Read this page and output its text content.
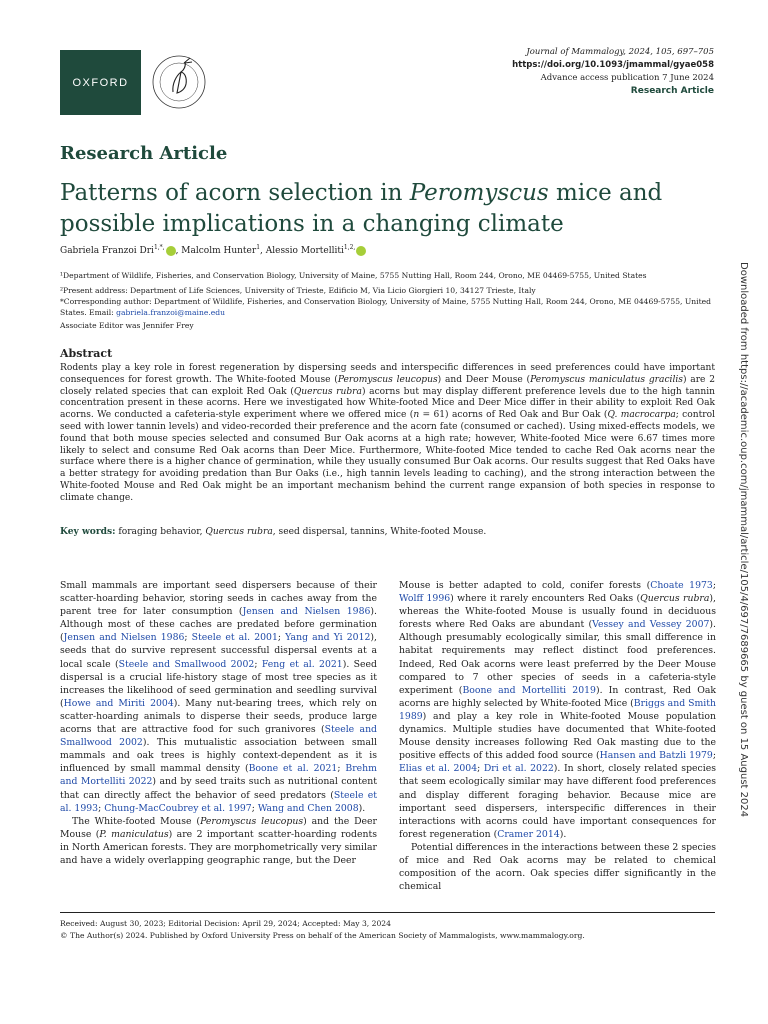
OXFORD
Journal of Mammalogy, 2024, 105, 697–705
https://doi.org/10.1093/jmammal/gyae058
Advance access publication 7 June 2024
Research Article
Research Article
Patterns of acorn selection in Peromyscus mice and possible implications in a changing climate
Gabriela Franzoi Dri$^{1,*,}$ , Malcolm Hunter$^1$, Alessio Mortelliti$^{1,2,}$
¹Department of Wildlife, Fisheries, and Conservation Biology, University of Maine, 5755 Nutting Hall, Room 244, Orono, ME 04469-5755, United States
²Present address: Department of Life Sciences, University of Trieste, Edificio M, Via Licio Giorgieri 10, 34127 Trieste, Italy
*Corresponding author: Department of Wildlife, Fisheries, and Conservation Biology, University of Maine, 5755 Nutting Hall, Room 244, Orono, ME 04469-5755, United States. Email: gabriela.franzoi@maine.edu
Associate Editor was Jennifer Frey
Abstract
Rodents play a key role in forest regeneration by dispersing seeds and interspecific differences in seed preferences could have important consequences for forest growth. The White-footed Mouse (Peromyscus leucopus) and Deer Mouse (Peromyscus maniculatus gracilis) are 2 closely related species that can exploit Red Oak (Quercus rubra) acorns but may display different preference levels due to the high tannin concentration present in these acorns. Here we investigated how White-footed Mice and Deer Mice differ in their ability to exploit Red Oak acorns. We conducted a cafeteria-style experiment where we offered mice (n = 61) acorns of Red Oak and Bur Oak (Q. macrocarpa; control seed with lower tannin levels) and video-recorded their preference and the acorn fate (consumed or cached). Using mixed-effects models, we found that both mouse species selected and consumed Bur Oak acorns at a high rate; however, White-footed Mice were 6.67 times more likely to select and consume Red Oak acorns than Deer Mice. Furthermore, White-footed Mice tended to cache Red Oak acorns near the surface where there is a higher chance of germination, while they usually consumed Bur Oak acorns. Our results suggest that Red Oaks have a better strategy for avoiding predation than Bur Oaks (i.e., high tannin levels leading to caching), and the strong interaction between the White-footed Mouse and Red Oak might be an important mechanism behind the current range expansion of both species in response to climate change.
Key words: foraging behavior, Quercus rubra, seed dispersal, tannins, White-footed Mouse.

Small mammals are important seed dispersers because of their scatter-hoarding behavior, storing seeds in caches away from the parent tree for later consumption (Jensen and Nielsen 1986). Although most of these caches are predated before germination (Jensen and Nielsen 1986; Steele et al. 2001; Yang and Yi 2012), seeds that do survive represent successful dispersal events at a local scale (Steele and Smallwood 2002; Feng et al. 2021). Seed dispersal is a crucial life-history stage of most tree species as it increases the likelihood of seed germination and seedling survival (Howe and Miriti 2004). Many nut-bearing trees, which rely on scatter-hoarding animals to disperse their seeds, produce large acorns that are attractive food for such granivores (Steele and Smallwood 2002). This mutualistic association between small mammals and oak trees is highly context-dependent as it is influenced by small mammal density (Boone et al. 2021; Brehm and Mortelliti 2022) and by seed traits such as nutritional content that can directly affect the behavior of seed predators (Steele et al. 1993; Chung-MacCoubrey et al. 1997; Wang and Chen 2008).

The White-footed Mouse (Peromyscus leucopus) and the Deer Mouse (P. maniculatus) are 2 important scatter-hoarding rodents in North American forests. They are morphometrically very similar and have a widely overlapping geographic range, but the Deer

Mouse is better adapted to cold, conifer forests (Choate 1973; Wolff 1996) where it rarely encounters Red Oaks (Quercus rubra), whereas the White-footed Mouse is usually found in deciduous forests where Red Oaks are abundant (Vessey and Vessey 2007). Although presumably ecologically similar, this small difference in habitat requirements may reflect distinct food preferences. Indeed, Red Oak acorns were least preferred by the Deer Mouse compared to 7 other species of seeds in a cafeteria-style experiment (Boone and Mortelliti 2019). In contrast, Red Oak acorns are highly selected by White-footed Mice (Briggs and Smith 1989) and play a key role in White-footed Mouse population dynamics. Multiple studies have documented that White-footed Mouse density increases following Red Oak masting due to the positive effects of this added food source (Hansen and Batzli 1979; Elias et al. 2004; Dri et al. 2022). In short, closely related species that seem ecologically similar may have different food preferences and display different foraging behavior. Because mice are important seed dispersers, interspecific differences in their interactions with acorns could have important consequences for forest regeneration (Cramer 2014).

Potential differences in the interactions between these 2 species of mice and Red Oak acorns may be related to chemical composition of the acorn. Oak species differ significantly in the chemical

Received: August 30, 2023; Editorial Decision: April 29, 2024; Accepted: May 3, 2024
© The Author(s) 2024. Published by Oxford University Press on behalf of the American Society of Mammalogists, www.mammalogy.org.
Downloaded from https://academic.oup.com/jmammal/article/105/4/697/7689665 by guest on 15 August 2024
